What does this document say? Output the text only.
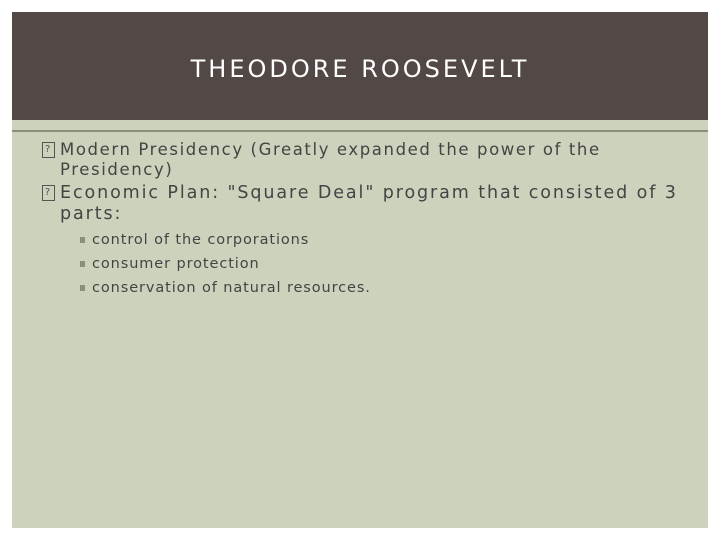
THEODORE ROOSEVELT

? Modern Presidency (Greatly expanded the power of the Presidency)

? Economic Plan: "Square Deal" program that consisted of 3 parts:

control of the corporations
consumer protection
conservation of natural resources.
